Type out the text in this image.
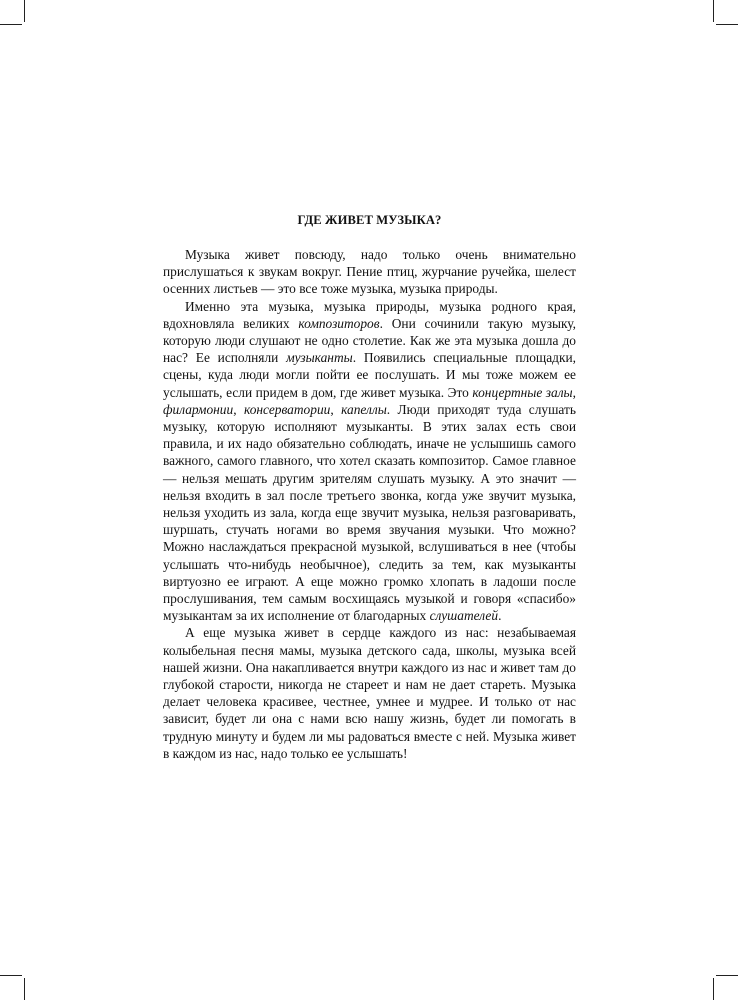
ГДЕ ЖИВЕТ МУЗЫКА?

Музыка живет повсюду, надо только очень внимательно прислушаться к звукам вокруг. Пение птиц, журчание ручейка, шелест осенних листьев — это все тоже музыка, музыка природы.

Именно эта музыка, музыка природы, музыка родного края, вдохновляла великих композиторов. Они сочинили такую музыку, которую люди слушают не одно столетие. Как же эта музыка дошла до нас? Ее исполняли музыканты. Появились специальные площадки, сцены, куда люди могли пойти ее послушать. И мы тоже можем ее услышать, если придем в дом, где живет музыка. Это концертные залы, филармонии, консерватории, капеллы. Люди приходят туда слушать музыку, которую исполняют музыканты. В этих залах есть свои правила, и их надо обязательно соблюдать, иначе не услышишь самого важного, самого главного, что хотел сказать композитор. Самое главное — нельзя мешать другим зрителям слушать музыку. А это значит — нельзя входить в зал после третьего звонка, когда уже звучит музыка, нельзя уходить из зала, когда еще звучит музыка, нельзя разговаривать, шуршать, стучать ногами во время звучания музыки. Что можно? Можно наслаждаться прекрасной музыкой, вслушиваться в нее (чтобы услышать что-нибудь необычное), следить за тем, как музыканты виртуозно ее играют. А еще можно громко хлопать в ладоши после прослушивания, тем самым восхищаясь музыкой и говоря «спасибо» музыкантам за их исполнение от благодарных слушателей.

А еще музыка живет в сердце каждого из нас: незабываемая колыбельная песня мамы, музыка детского сада, школы, музыка всей нашей жизни. Она накапливается внутри каждого из нас и живет там до глубокой старости, никогда не стареет и нам не дает стареть. Музыка делает человека красивее, честнее, умнее и мудрее. И только от нас зависит, будет ли она с нами всю нашу жизнь, будет ли помогать в трудную минуту и будем ли мы радоваться вместе с ней. Музыка живет в каждом из нас, надо только ее услышать!
